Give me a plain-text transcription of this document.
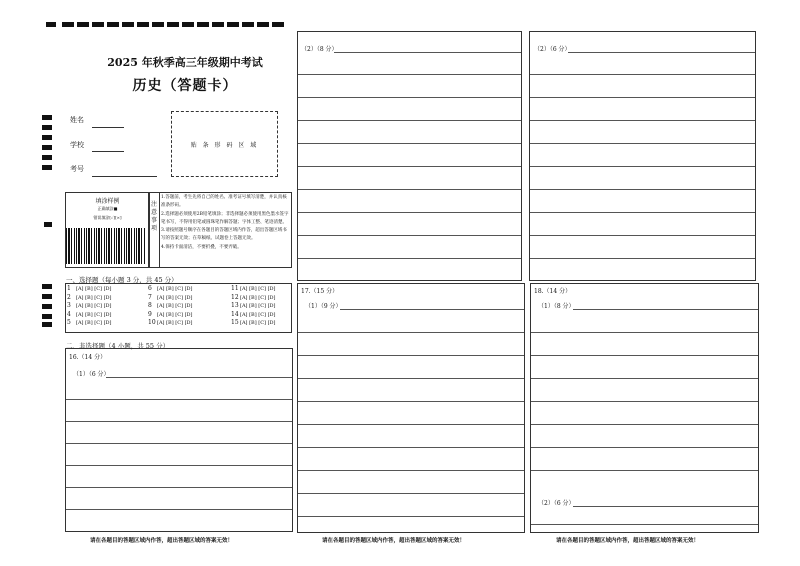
2025 年秋季高三年级期中考试
历史（答题卡）
姓名
学校
考号
贴 条 形 码 区 域
填涂样例
正确填涂■
错误填涂[✓][×]
注意事项
1.答题前，考生先将自己的姓名、准考证号填写清楚，并认真核准条形码。
2.选择题必须使用2B铅笔填涂；非选择题必须使用黑色墨水签字笔书写，不得用铅笔或圆珠笔作解答题；字体工整、笔迹清楚。
3.请按照题号顺序在各题目的答题区域内作答，超出答题区域书写的答案无效；在草稿纸、试题卷上答题无效。
4.保持卡面清洁，不要折叠，不要弄破。
一、选择题（每小题 3 分，共 45 分）
1 [A] [B] [C] [D]
2 [A] [B] [C] [D]
3 [A] [B] [C] [D]
4 [A] [B] [C] [D]
5 [A] [B] [C] [D]
6 [A] [B] [C] [D]
7 [A] [B] [C] [D]
8 [A] [B] [C] [D]
9 [A] [B] [C] [D]
10[A] [B] [C] [D]
11[A] [B] [C] [D]
12[A] [B] [C] [D]
13[A] [B] [C] [D]
14[A] [B] [C] [D]
15[A] [B] [C] [D]
二、非选择题（4 小题，共 55 分）
16.（14 分）
（1）（6 分）
（2）（8 分）
17.（15 分）
（1）（9 分）
（2）（6 分）
18.（14 分）
（1）（8 分）
（2）（6 分）
请在各题目的答题区域内作答，超出答题区域的答案无效！	请在各题目的答题区域内作答，超出答题区域的答案无效！	请在各题目的答题区域内作答，超出答题区域的答案无效！
